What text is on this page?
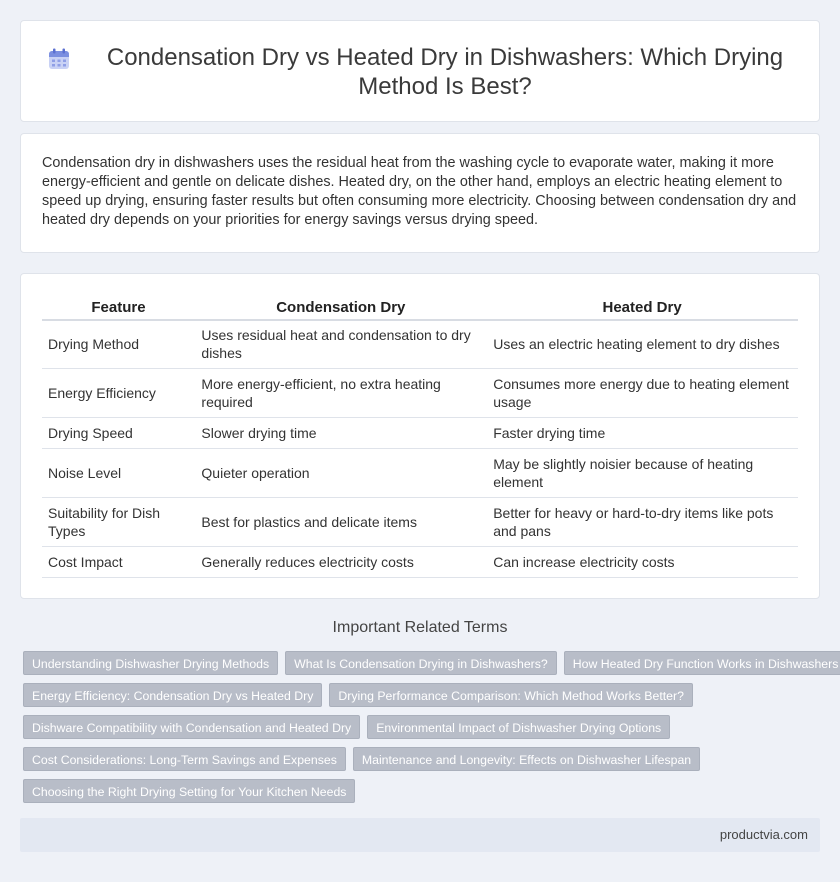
Condensation Dry vs Heated Dry in Dishwashers: Which Drying Method Is Best?

Condensation dry in dishwashers uses the residual heat from the washing cycle to evaporate water, making it more energy-efficient and gentle on delicate dishes. Heated dry, on the other hand, employs an electric heating element to speed up drying, ensuring faster results but often consuming more electricity. Choosing between condensation dry and heated dry depends on your priorities for energy savings versus drying speed.

Feature	Condensation Dry	Heated Dry
Drying Method	Uses residual heat and condensation to dry dishes	Uses an electric heating element to dry dishes
Energy Efficiency	More energy-efficient, no extra heating required	Consumes more energy due to heating element usage
Drying Speed	Slower drying time	Faster drying time
Noise Level	Quieter operation	May be slightly noisier because of heating element
Suitability for Dish Types	Best for plastics and delicate items	Better for heavy or hard-to-dry items like pots and pans
Cost Impact	Generally reduces electricity costs	Can increase electricity costs
Important Related Terms
Understanding Dishwasher Drying Methods	What Is Condensation Drying in Dishwashers?	How Heated Dry Function Works in Dishwashers
Energy Efficiency: Condensation Dry vs Heated Dry	Drying Performance Comparison: Which Method Works Better?
Dishware Compatibility with Condensation and Heated Dry	Environmental Impact of Dishwasher Drying Options
Cost Considerations: Long-Term Savings and Expenses	Maintenance and Longevity: Effects on Dishwasher Lifespan
Choosing the Right Drying Setting for Your Kitchen Needs
productvia.com
